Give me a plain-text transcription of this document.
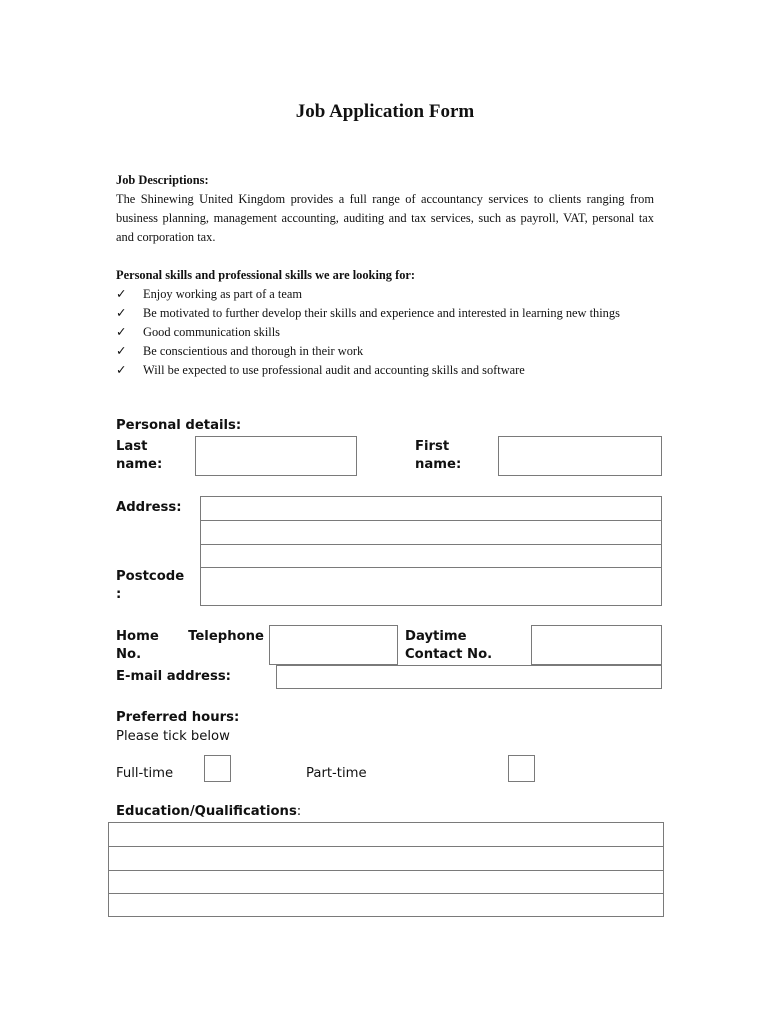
Job Application Form
Job Descriptions:
The Shinewing United Kingdom provides a full range of accountancy services to clients ranging from business planning, management accounting, auditing and tax services, such as payroll, VAT, personal tax and corporation tax.
Personal skills and professional skills we are looking for:
✓ Enjoy working as part of a team
✓ Be motivated to further develop their skills and experience and interested in learning new things
✓ Good communication skills
✓ Be conscientious and thorough in their work
✓ Will be expected to use professional audit and accounting skills and software
Personal details:
Last
name:
First
name:
Address:
Postcode
:
Home Telephone
No.
Daytime
Contact No.
E-mail address:
Preferred hours:
Please tick below
Full-time	Part-time
Education/Qualifications:
